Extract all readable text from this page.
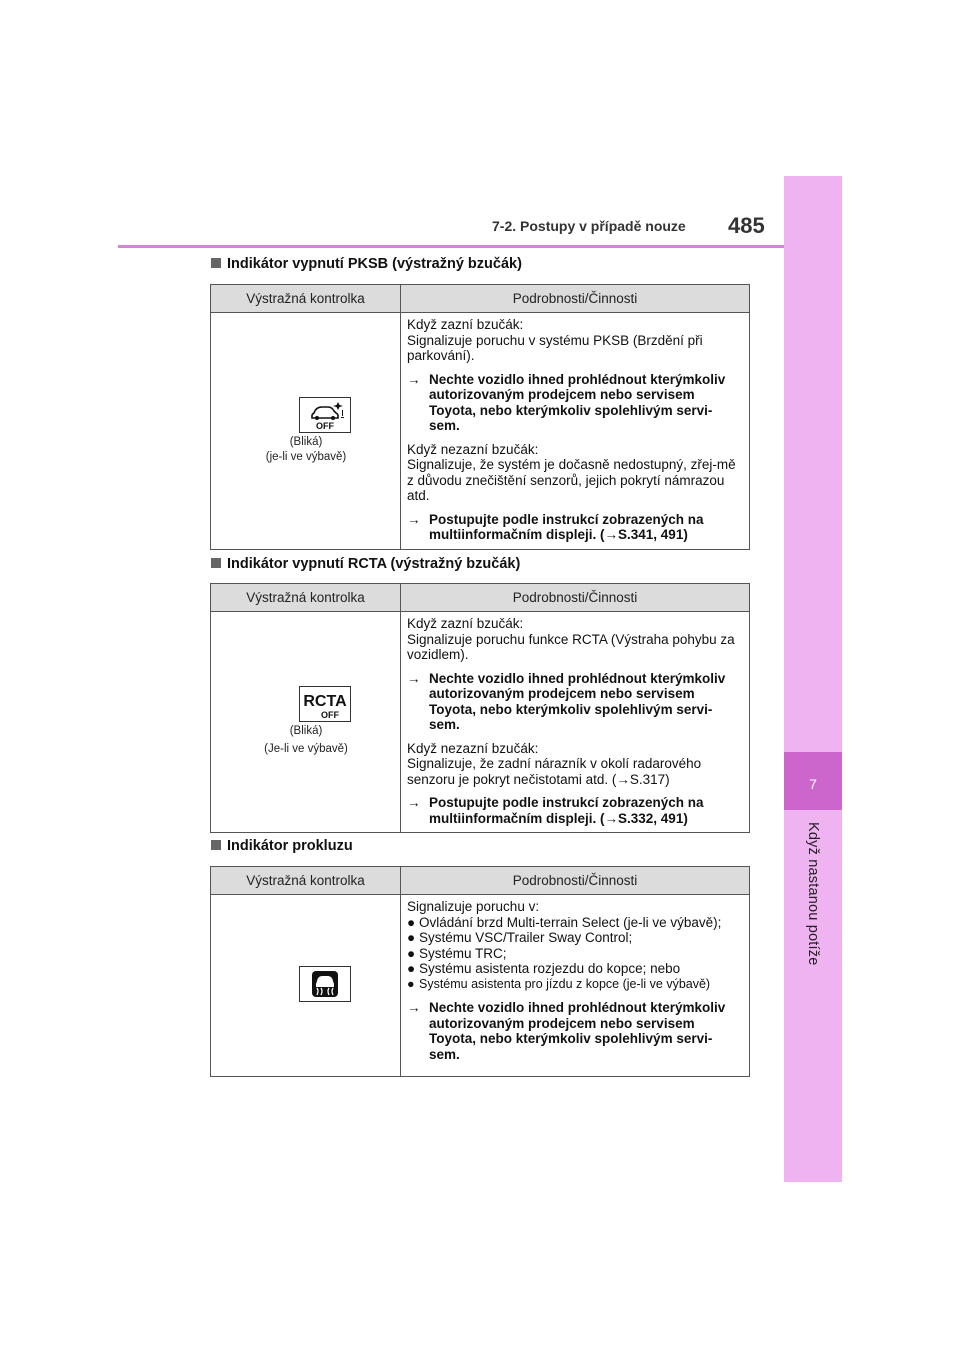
7-2. Postupy v případě nouze 485
7
Když nastanou potíže
Indikátor vypnutí PKSB (výstražný bzučák)
Výstražná kontrolka	Podrobnosti/Činnosti
OFF
(Bliká)
(je-li ve výbavě)
Když zazní bzučák:
Signalizuje poruchu v systému PKSB (Brzdění při parkování).
→ Nechte vozidlo ihned prohlédnout kterýmkoliv autorizovaným prodejcem nebo servisem Toyota, nebo kterýmkoliv spolehlivým servi-sem.
Když nezazní bzučák:
Signalizuje, že systém je dočasně nedostupný, zřej-mě z důvodu znečištění senzorů, jejich pokrytí námrazou atd.
→ Postupujte podle instrukcí zobrazených na multiinformačním displeji. (→S.341, 491)
Indikátor vypnutí RCTA (výstražný bzučák)
Výstražná kontrolka	Podrobnosti/Činnosti
RCTA
OFF
(Bliká)
(Je-li ve výbavě)
Když zazní bzučák:
Signalizuje poruchu funkce RCTA (Výstraha pohybu za vozidlem).
→ Nechte vozidlo ihned prohlédnout kterýmkoliv autorizovaným prodejcem nebo servisem Toyota, nebo kterýmkoliv spolehlivým servi-sem.
Když nezazní bzučák:
Signalizuje, že zadní nárazník v okolí radarového senzoru je pokryt nečistotami atd. (→S.317)
→ Postupujte podle instrukcí zobrazených na multiinformačním displeji. (→S.332, 491)
Indikátor prokluzu
Výstražná kontrolka	Podrobnosti/Činnosti
Signalizuje poruchu v:
● Ovládání brzd Multi-terrain Select (je-li ve výbavě);
● Systému VSC/Trailer Sway Control;
● Systému TRC;
● Systému asistenta rozjezdu do kopce; nebo
● Systému asistenta pro jízdu z kopce (je-li ve výbavě)
→ Nechte vozidlo ihned prohlédnout kterýmkoliv autorizovaným prodejcem nebo servisem Toyota, nebo kterýmkoliv spolehlivým servi-sem.
